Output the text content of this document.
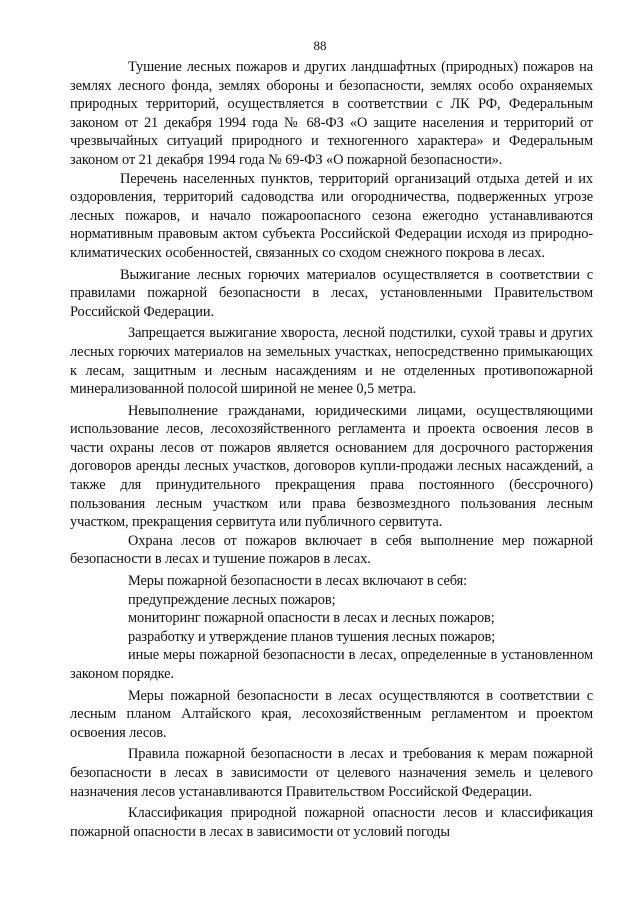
88

Тушение лесных пожаров и других ландшафтных (природных) пожаров на землях лесного фонда, землях обороны и безопасности, землях особо охраняемых природных территорий, осуществляется в соответствии с ЛК РФ, Федеральным законом от 21 декабря 1994 года № 68-ФЗ «О защите населения и территорий от чрезвычайных ситуаций природного и техногенного характера» и Федеральным законом от 21 декабря 1994 года № 69-ФЗ «О пожарной безопасности».

Перечень населенных пунктов, территорий организаций отдыха детей и их оздоровления, территорий садоводства или огородничества, подверженных угрозе лесных пожаров, и начало пожароопасного сезона ежегодно устанавливаются нормативным правовым актом субъекта Российской Федерации исходя из природно-климатических особенностей, связанных со сходом снежного покрова в лесах.

Выжигание лесных горючих материалов осуществляется в соответствии с правилами пожарной безопасности в лесах, установленными Правительством Российской Федерации.

Запрещается выжигание хвороста, лесной подстилки, сухой травы и других лесных горючих материалов на земельных участках, непосредственно примыкающих к лесам, защитным и лесным насаждениям и не отделенных противопожарной минерализованной полосой шириной не менее 0,5 метра.

Невыполнение гражданами, юридическими лицами, осуществляющими использование лесов, лесохозяйственного регламента и проекта освоения лесов в части охраны лесов от пожаров является основанием для досрочного расторжения договоров аренды лесных участков, договоров купли-продажи лесных насаждений, а также для принудительного прекращения права постоянного (бессрочного) пользования лесным участком или права безвозмездного пользования лесным участком, прекращения сервитута или публичного сервитута.

Охрана лесов от пожаров включает в себя выполнение мер пожарной безопасности в лесах и тушение пожаров в лесах.

Меры пожарной безопасности в лесах включают в себя:

предупреждение лесных пожаров;

мониторинг пожарной опасности в лесах и лесных пожаров;

разработку и утверждение планов тушения лесных пожаров;

иные меры пожарной безопасности в лесах, определенные в установленном законом порядке.

Меры пожарной безопасности в лесах осуществляются в соответствии с лесным планом Алтайского края, лесохозяйственным регламентом и проектом освоения лесов.

Правила пожарной безопасности в лесах и требования к мерам пожарной безопасности в лесах в зависимости от целевого назначения земель и целевого назначения лесов устанавливаются Правительством Российской Федерации.

Классификация природной пожарной опасности лесов и классификация пожарной опасности в лесах в зависимости от условий погоды
